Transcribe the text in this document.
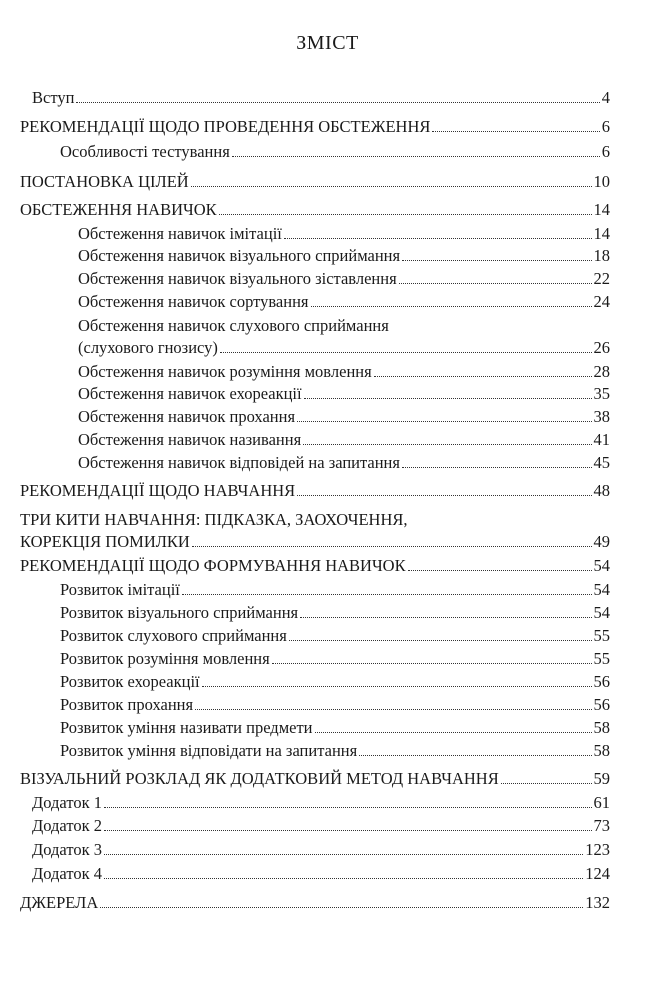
ЗМІСТ
Вступ	4
РЕКОМЕНДАЦІЇ ЩОДО ПРОВЕДЕННЯ ОБСТЕЖЕННЯ	6
Особливості тестування	6
ПОСТАНОВКА ЦІЛЕЙ	10
ОБСТЕЖЕННЯ НАВИЧОК	14
Обстеження навичок імітації	14
Обстеження навичок візуального сприймання	18
Обстеження навичок візуального зіставлення	22
Обстеження навичок сортування	24
Обстеження навичок слухового сприймання
(слухового гнозису)	26
Обстеження навичок розуміння мовлення	28
Обстеження навичок ехореакції	35
Обстеження навичок прохання	38
Обстеження навичок називання	41
Обстеження навичок відповідей на запитання	45
РЕКОМЕНДАЦІЇ ЩОДО НАВЧАННЯ	48
ТРИ КИТИ НАВЧАННЯ: ПІДКАЗКА, ЗАОХОЧЕННЯ,
КОРЕКЦІЯ ПОМИЛКИ	49
РЕКОМЕНДАЦІЇ ЩОДО ФОРМУВАННЯ НАВИЧОК	54
Розвиток імітації	54
Розвиток візуального сприймання	54
Розвиток слухового сприймання	55
Розвиток розуміння мовлення	55
Розвиток ехореакції	56
Розвиток прохання	56
Розвиток уміння називати предмети	58
Розвиток уміння відповідати на запитання	58
ВІЗУАЛЬНИЙ РОЗКЛАД ЯК ДОДАТКОВИЙ МЕТОД НАВЧАННЯ	59
Додаток 1	61
Додаток 2	73
Додаток 3	123
Додаток 4	124
ДЖЕРЕЛА	132
